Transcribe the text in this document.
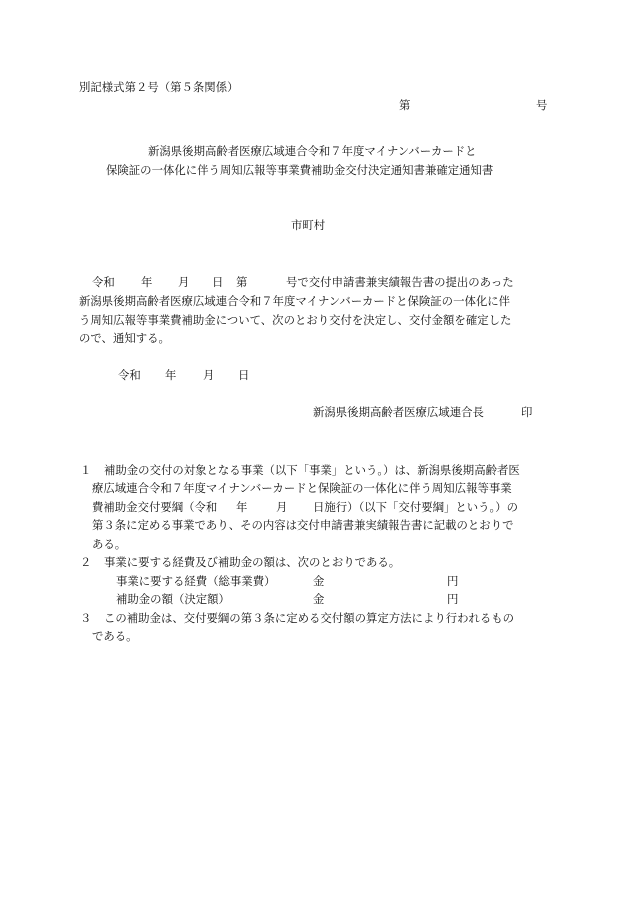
別記様式第２号（第５条関係）
第	号
新潟県後期高齢者医療広域連合令和７年度マイナンバーカードと
保険証の一体化に伴う周知広報等事業費補助金交付決定通知書兼確定通知書
市町村
令和 年 月 日 第	号で交付申請書兼実績報告書の提出のあった
新潟県後期高齢者医療広域連合令和７年度マイナンバーカードと保険証の一体化に伴
う周知広報等事業費補助金について、次のとおり交付を決定し、交付金額を確定した
ので、通知する。
令和 年 月 日
新潟県後期高齢者医療広域連合長	印
１ 補助金の交付の対象となる事業（以下「事業」という。）は、新潟県後期高齢者医
療広域連合令和７年度マイナンバーカードと保険証の一体化に伴う周知広報等事業
費補助金交付要綱（令和 年	月 日施行）（以下「交付要綱」という。）の
第３条に定める事業であり、その内容は交付申請書兼実績報告書に記載のとおりで
ある。
２ 事業に要する経費及び補助金の額は、次のとおりである。
事業に要する経費（総事業費）	金	円
補助金の額（決定額）	金	円
３ この補助金は、交付要綱の第３条に定める交付額の算定方法により行われるもの
である。
